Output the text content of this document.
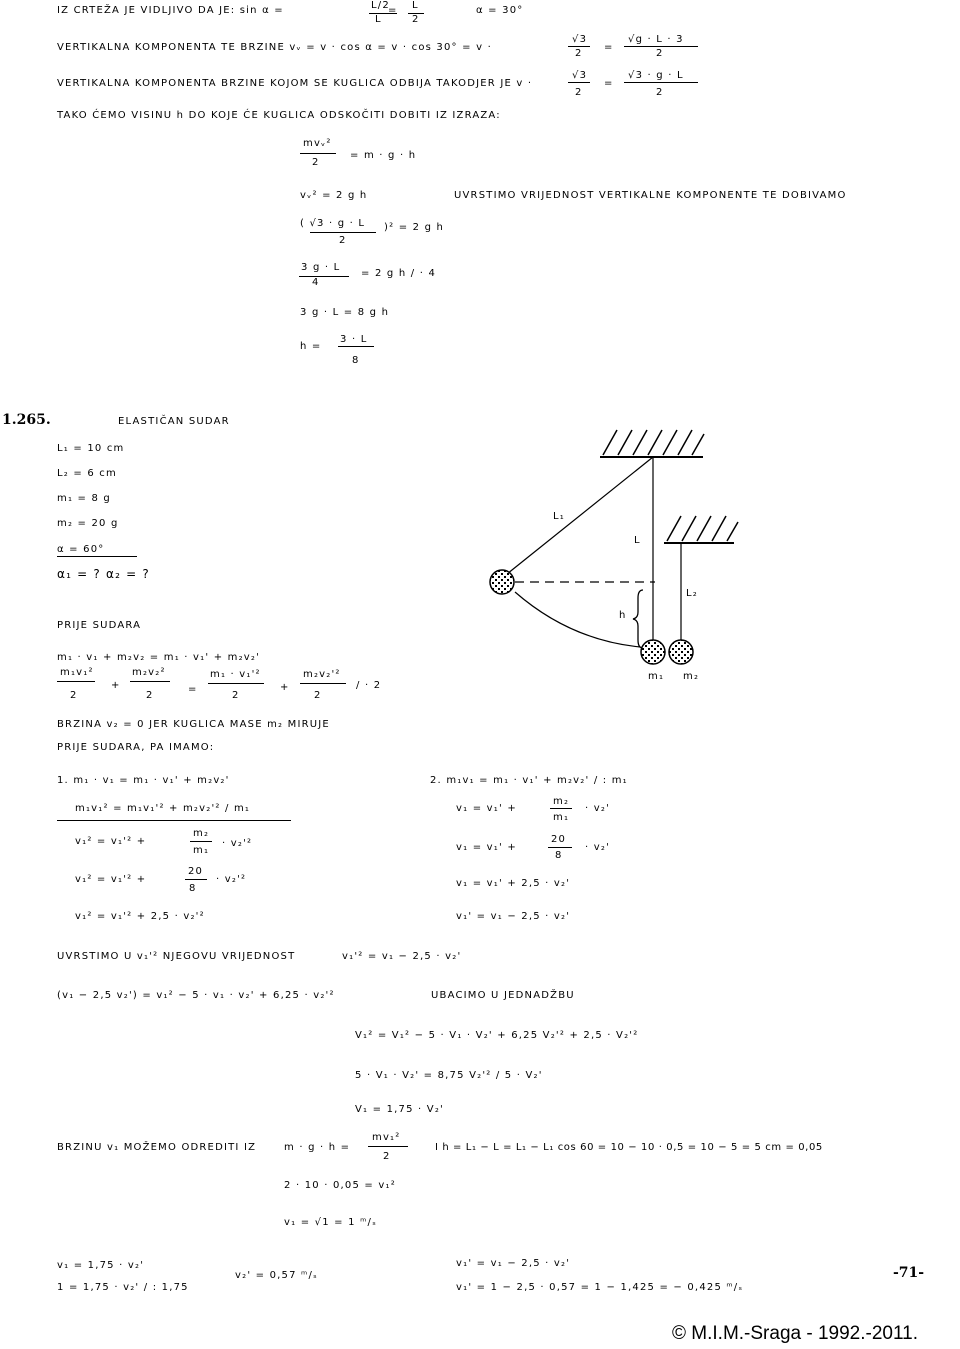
IZ CRTEŽA JE VIDLJIVO DA JE: sin α =	L/2
L
= L
2
α = 30°
VERTIKALNA KOMPONENTA TE BRZINE vᵥ = v · cos α = v · cos 30° = v ·
√3
2
=
√g · L · 3
2
VERTIKALNA KOMPONENTA BRZINE KOJOM SE KUGLICA ODBIJA TAKODJER JE v ·
√3
2
=
√3 · g · L
2
TAKO ĆEMO VISINU h DO KOJE ĆE KUGLICA ODSKOČITI DOBITI IZ IZRAZA:
mvᵥ²
2
= m · g · h
vᵥ² = 2 g h	UVRSTIMO VRIJEDNOST VERTIKALNE KOMPONENTE TE DOBIVAMO
( √3 · g · L
2
)² = 2 g h
3 g · L
4
= 2 g h / · 4
3 g · L = 8 g h
h =
3 · L
8
1.265.	ELASTIČAN SUDAR
L₁ = 10 cm
L₂ = 6 cm
m₁ = 8 g
m₂ = 20 g
α = 60°
α₁ = ? α₂ = ?
L₁
L
L₂
h
m₁ m₂
PRIJE SUDARA
m₁ · v₁ + m₂v₂ = m₁ · v₁' + m₂v₂'
m₁v₁²
2
+
m₂v₂²
2
=
m₁ · v₁'²
2
+
m₂v₂'²
2
/ · 2
BRZINA v₂ = 0 JER KUGLICA MASE m₂ MIRUJE
PRIJE SUDARA, PA IMAMO:
1. m₁ · v₁ = m₁ · v₁' + m₂v₂'
m₁v₁² = m₁v₁'² + m₂v₂'² / m₁
v₁² = v₁'² +
m₂
m₁
· v₂'²
v₁² = v₁'² +
20
8
· v₂'²
v₁² = v₁'² + 2,5 · v₂'²
2. m₁v₁ = m₁ · v₁' + m₂v₂' / : m₁
v₁ = v₁' +
m₂
m₁
· v₂'
v₁ = v₁' +
20
8
· v₂'
v₁ = v₁' + 2,5 · v₂'
v₁' = v₁ − 2,5 · v₂'
UVRSTIMO U v₁'² NJEGOVU VRIJEDNOST	v₁'² = v₁ − 2,5 · v₂'
(v₁ − 2,5 v₂') = v₁² − 5 · v₁ · v₂' + 6,25 · v₂'²	UBACIMO U JEDNADŽBU
V₁² = V₁² − 5 · V₁ · V₂' + 6,25 V₂'² + 2,5 · V₂'²
5 · V₁ · V₂' = 8,75 V₂'² / 5 · V₂'
V₁ = 1,75 · V₂'
BRZINU v₁ MOŽEMO ODREDITI IZ	m · g · h =
mv₁²
2
I h = L₁ − L = L₁ − L₁ cos 60 = 10 − 10 · 0,5 = 10 − 5 = 5 cm = 0,05
2 · 10 · 0,05 = v₁²
v₁ = √1 = 1 ᵐ/ₛ
v₁ = 1,75 · v₂'
1 = 1,75 · v₂' / : 1,75
v₂' = 0,57 ᵐ/ₛ
v₁' = v₁ − 2,5 · v₂'
v₁' = 1 − 2,5 · 0,57 = 1 − 1,425 = − 0,425 ᵐ/ₛ
-71-
© M.I.M.-Sraga - 1992.-2011.
